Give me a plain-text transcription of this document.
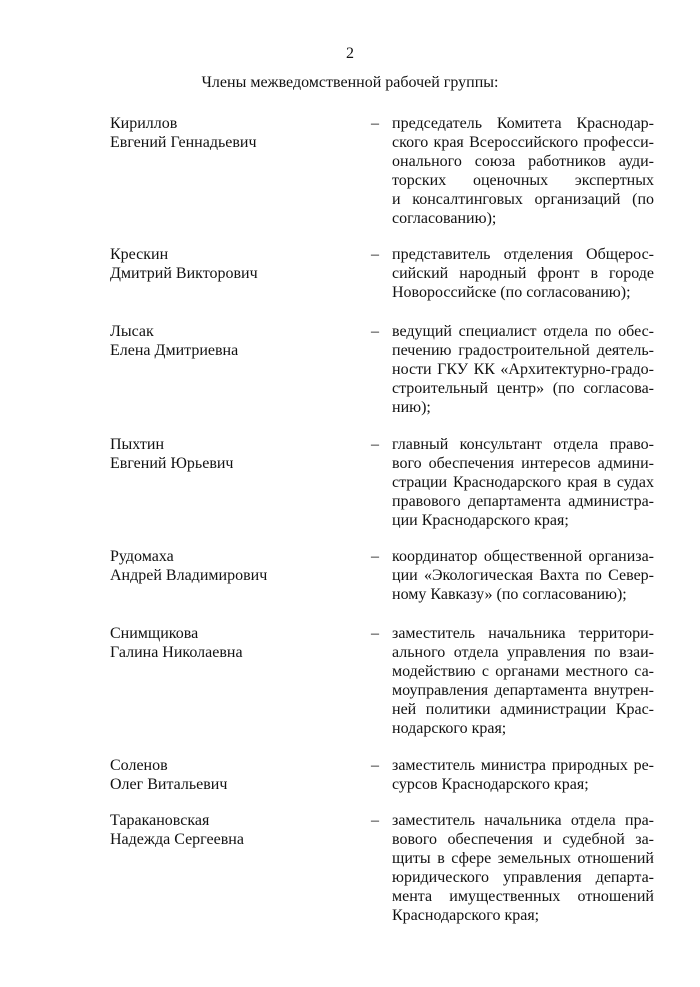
2
Члены межведомственной рабочей группы:
Кириллов
Евгений Геннадьевич
– председатель Комитета Краснодар-
ского края Всероссийского професси-
онального союза работников ауди-
торских оценочных экспертных
и консалтинговых организаций (по
согласованию);
Крескин
Дмитрий Викторович
– представитель отделения Общерос-
сийский народный фронт в городе
Новороссийске (по согласованию);
Лысак
Елена Дмитриевна
– ведущий специалист отдела по обес-
печению градостроительной деятель-
ности ГКУ КК «Архитектурно-градо-
строительный центр» (по согласова-
нию);
Пыхтин
Евгений Юрьевич
– главный консультант отдела право-
вого обеспечения интересов админи-
страции Краснодарского края в судах
правового департамента администра-
ции Краснодарского края;
Рудомаха
Андрей Владимирович
– координатор общественной организа-
ции «Экологическая Вахта по Север-
ному Кавказу» (по согласованию);
Снимщикова
Галина Николаевна
– заместитель начальника территори-
ального отдела управления по взаи-
модействию с органами местного са-
моуправления департамента внутрен-
ней политики администрации Крас-
нодарского края;
Соленов
Олег Витальевич
– заместитель министра природных ре-
сурсов Краснодарского края;
Таракановская
Надежда Сергеевна
– заместитель начальника отдела пра-
вового обеспечения и судебной за-
щиты в сфере земельных отношений
юридического управления департа-
мента имущественных отношений
Краснодарского края;
